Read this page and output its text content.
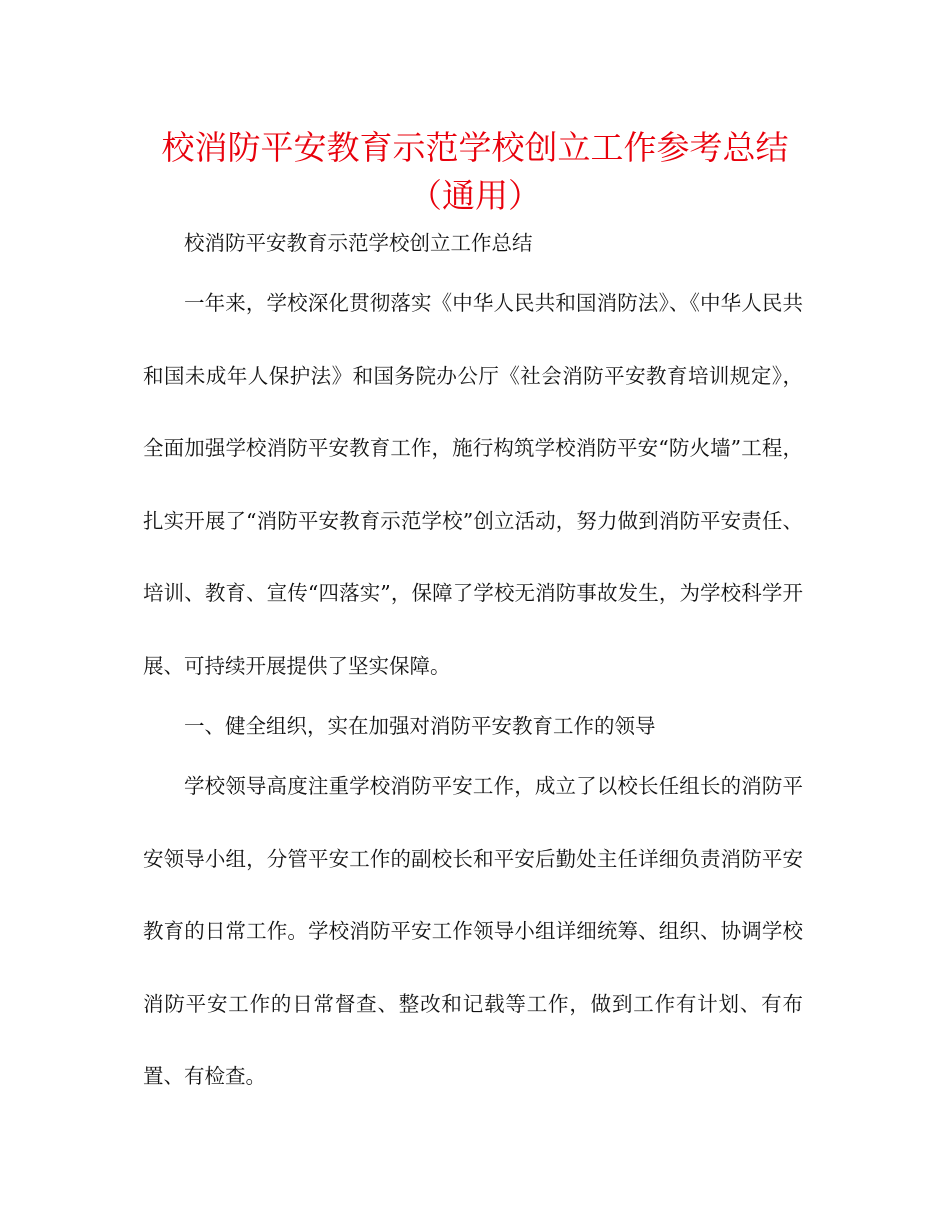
校消防平安教育示范学校创立工作参考总结（通用）

校消防平安教育示范学校创立工作总结

一年来，学校深化贯彻落实《中华人民共和国消防法》、《中华人民共和国未成年人保护法》和国务院办公厅《社会消防平安教育培训规定》，全面加强学校消防平安教育工作，施行构筑学校消防平安“防火墙”工程，扎实开展了“消防平安教育示范学校”创立活动，努力做到消防平安责任、培训、教育、宣传“四落实”，保障了学校无消防事故发生，为学校科学开展、可持续开展提供了坚实保障。

一、健全组织，实在加强对消防平安教育工作的领导

学校领导高度注重学校消防平安工作，成立了以校长任组长的消防平安领导小组，分管平安工作的副校长和平安后勤处主任详细负责消防平安教育的日常工作。学校消防平安工作领导小组详细统筹、组织、协调学校消防平安工作的日常督查、整改和记载等工作，做到工作有计划、有布置、有检查。
